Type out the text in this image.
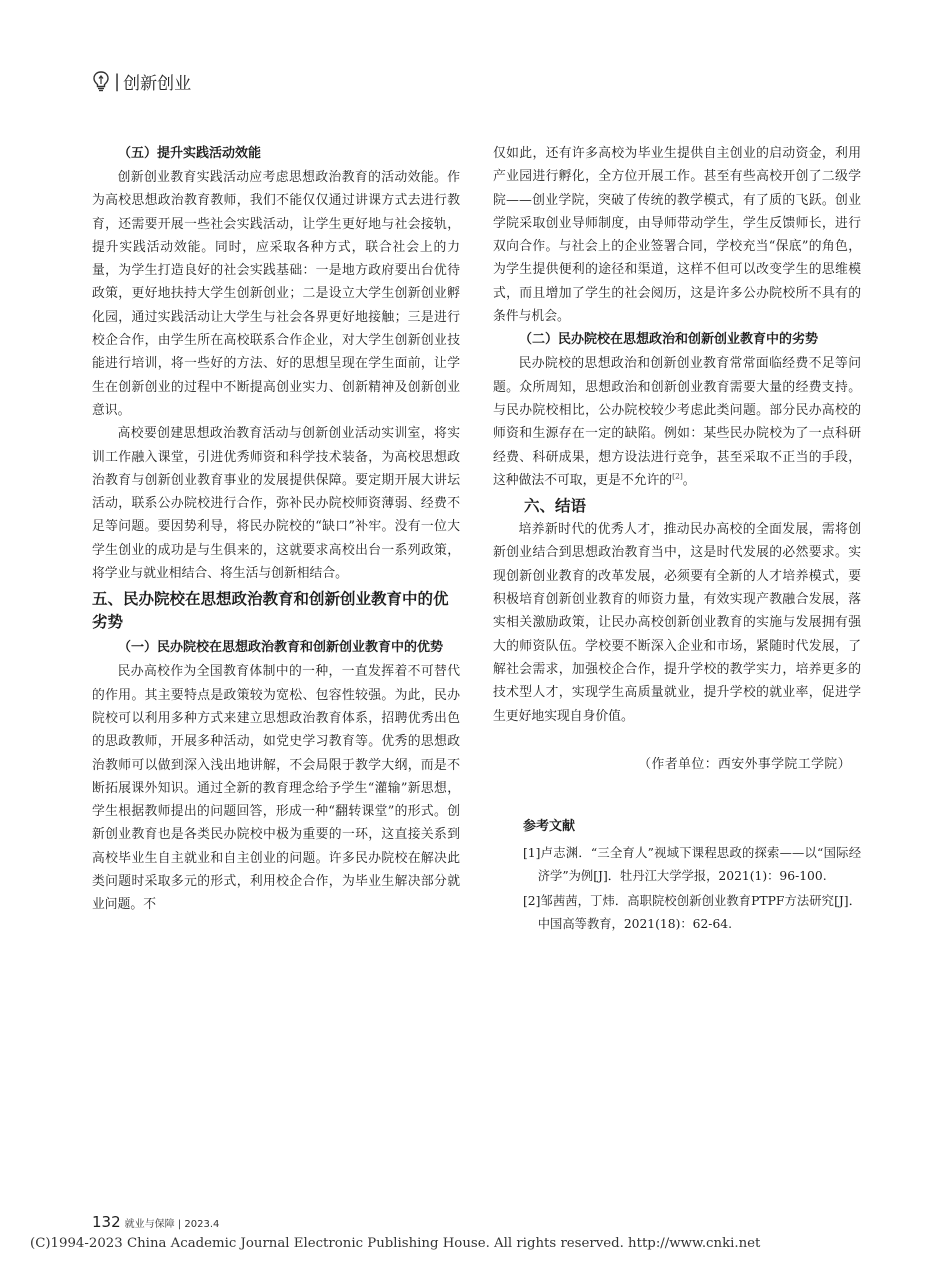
| 创新创业

（五）提升实践活动效能

创新创业教育实践活动应考虑思想政治教育的活动效能。作为高校思想政治教育教师，我们不能仅仅通过讲课方式去进行教育，还需要开展一些社会实践活动，让学生更好地与社会接轨，提升实践活动效能。同时，应采取各种方式，联合社会上的力量，为学生打造良好的社会实践基础：一是地方政府要出台优待政策，更好地扶持大学生创新创业；二是设立大学生创新创业孵化园，通过实践活动让大学生与社会各界更好地接触；三是进行校企合作，由学生所在高校联系合作企业，对大学生创新创业技能进行培训，将一些好的方法、好的思想呈现在学生面前，让学生在创新创业的过程中不断提高创业实力、创新精神及创新创业意识。

高校要创建思想政治教育活动与创新创业活动实训室，将实训工作融入课堂，引进优秀师资和科学技术装备，为高校思想政治教育与创新创业教育事业的发展提供保障。要定期开展大讲坛活动，联系公办院校进行合作，弥补民办院校师资薄弱、经费不足等问题。要因势利导，将民办院校的“缺口”补牢。没有一位大学生创业的成功是与生俱来的，这就要求高校出台一系列政策，将学业与就业相结合、将生活与创新相结合。

五、民办院校在思想政治教育和创新创业教育中的优劣势

（一）民办院校在思想政治教育和创新创业教育中的优势

民办高校作为全国教育体制中的一种，一直发挥着不可替代的作用。其主要特点是政策较为宽松、包容性较强。为此，民办院校可以利用多种方式来建立思想政治教育体系，招聘优秀出色的思政教师，开展多种活动，如党史学习教育等。优秀的思想政治教师可以做到深入浅出地讲解，不会局限于教学大纲，而是不断拓展课外知识。通过全新的教育理念给予学生“灌输”新思想，学生根据教师提出的问题回答，形成一种“翻转课堂”的形式。创新创业教育也是各类民办院校中极为重要的一环，这直接关系到高校毕业生自主就业和自主创业的问题。许多民办院校在解决此类问题时采取多元的形式，利用校企合作，为毕业生解决部分就业问题。不

仅如此，还有许多高校为毕业生提供自主创业的启动资金，利用产业园进行孵化，全方位开展工作。甚至有些高校开创了二级学院——创业学院，突破了传统的教学模式，有了质的飞跃。创业学院采取创业导师制度，由导师带动学生，学生反馈师长，进行双向合作。与社会上的企业签署合同，学校充当“保底”的角色，为学生提供便利的途径和渠道，这样不但可以改变学生的思维模式，而且增加了学生的社会阅历，这是许多公办院校所不具有的条件与机会。

（二）民办院校在思想政治和创新创业教育中的劣势

民办院校的思想政治和创新创业教育常常面临经费不足等问题。众所周知，思想政治和创新创业教育需要大量的经费支持。与民办院校相比，公办院校较少考虑此类问题。部分民办高校的师资和生源存在一定的缺陷。例如：某些民办院校为了一点科研经费、科研成果，想方设法进行竞争，甚至采取不正当的手段，这种做法不可取，更是不允许的[2]。

六、结语

培养新时代的优秀人才，推动民办高校的全面发展，需将创新创业结合到思想政治教育当中，这是时代发展的必然要求。实现创新创业教育的改革发展，必须要有全新的人才培养模式，要积极培育创新创业教育的师资力量，有效实现产教融合发展，落实相关激励政策，让民办高校创新创业教育的实施与发展拥有强大的师资队伍。学校要不断深入企业和市场，紧随时代发展，了解社会需求，加强校企合作，提升学校的教学实力，培养更多的技术型人才，实现学生高质量就业，提升学校的就业率，促进学生更好地实现自身价值。

（作者单位：西安外事学院工学院）

参考文献

[1]卢志渊．“三全育人”视域下课程思政的探索——以“国际经济学”为例[J]．牡丹江大学学报，2021(1)：96-100.

[2]邹茜茜，丁炜．高职院校创新创业教育PTPF方法研究[J]．中国高等教育，2021(18)：62-64.

132 就业与保障 | 2023.4
(C)1994-2023 China Academic Journal Electronic Publishing House. All rights reserved. http://www.cnki.net
